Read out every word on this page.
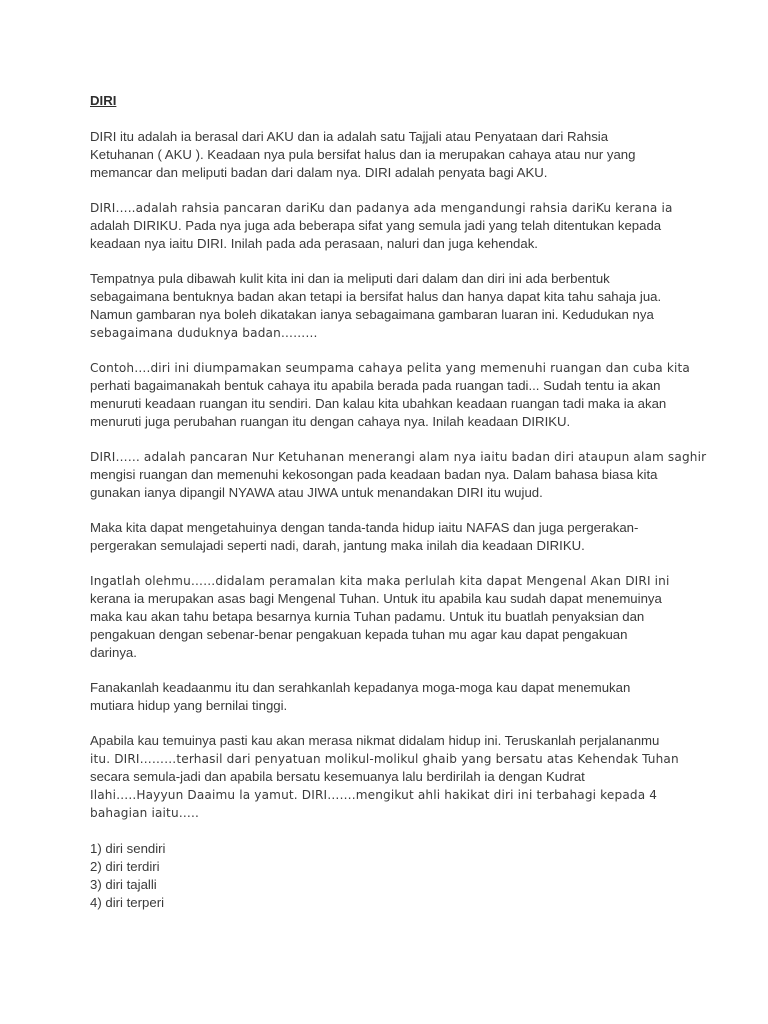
DIRI
DIRI itu adalah ia berasal dari AKU dan ia adalah satu Tajjali atau Penyataan dari Rahsia
Ketuhanan ( AKU ). Keadaan nya pula bersifat halus dan ia merupakan cahaya atau nur yang
memancar dan meliputi badan dari dalam nya. DIRI adalah penyata bagi AKU.
DIRI…..adalah rahsia pancaran dariKu dan padanya ada mengandungi rahsia dariKu kerana ia
adalah DIRIKU. Pada nya juga ada beberapa sifat yang semula jadi yang telah ditentukan kepada
keadaan nya iaitu DIRI. Inilah pada ada perasaan, naluri dan juga kehendak.
Tempatnya pula dibawah kulit kita ini dan ia meliputi dari dalam dan diri ini ada berbentuk
sebagaimana bentuknya badan akan tetapi ia bersifat halus dan hanya dapat kita tahu sahaja jua.
Namun gambaran nya boleh dikatakan ianya sebagaimana gambaran luaran ini. Kedudukan nya
sebagaimana duduknya badan………
Contoh….diri ini diumpamakan seumpama cahaya pelita yang memenuhi ruangan dan cuba kita
perhati bagaimanakah bentuk cahaya itu apabila berada pada ruangan tadi... Sudah tentu ia akan
menuruti keadaan ruangan itu sendiri. Dan kalau kita ubahkan keadaan ruangan tadi maka ia akan
menuruti juga perubahan ruangan itu dengan cahaya nya. Inilah keadaan DIRIKU.
DIRI…… adalah pancaran Nur Ketuhanan menerangi alam nya iaitu badan diri ataupun alam saghir
mengisi ruangan dan memenuhi kekosongan pada keadaan badan nya. Dalam bahasa biasa kita
gunakan ianya dipangil NYAWA atau JIWA untuk menandakan DIRI itu wujud.
Maka kita dapat mengetahuinya dengan tanda-tanda hidup iaitu NAFAS dan juga pergerakan-
pergerakan semulajadi seperti nadi, darah, jantung maka inilah dia keadaan DIRIKU.
Ingatlah olehmu……didalam peramalan kita maka perlulah kita dapat Mengenal Akan DIRI ini
kerana ia merupakan asas bagi Mengenal Tuhan. Untuk itu apabila kau sudah dapat menemuinya
maka kau akan tahu betapa besarnya kurnia Tuhan padamu. Untuk itu buatlah penyaksian dan
pengakuan dengan sebenar-benar pengakuan kepada tuhan mu agar kau dapat pengakuan
darinya.
Fanakanlah keadaanmu itu dan serahkanlah kepadanya moga-moga kau dapat menemukan
mutiara hidup yang bernilai tinggi.
Apabila kau temuinya pasti kau akan merasa nikmat didalam hidup ini. Teruskanlah perjalananmu
itu. DIRI………terhasil dari penyatuan molikul-molikul ghaib yang bersatu atas Kehendak Tuhan
secara semula-jadi dan apabila bersatu kesemuanya lalu berdirilah ia dengan Kudrat
Ilahi…..Hayyun Daaimu la yamut. DIRI…….mengikut ahli hakikat diri ini terbahagi kepada 4
bahagian iaitu…..
1) diri sendiri
2) diri terdiri
3) diri tajalli
4) diri terperi
